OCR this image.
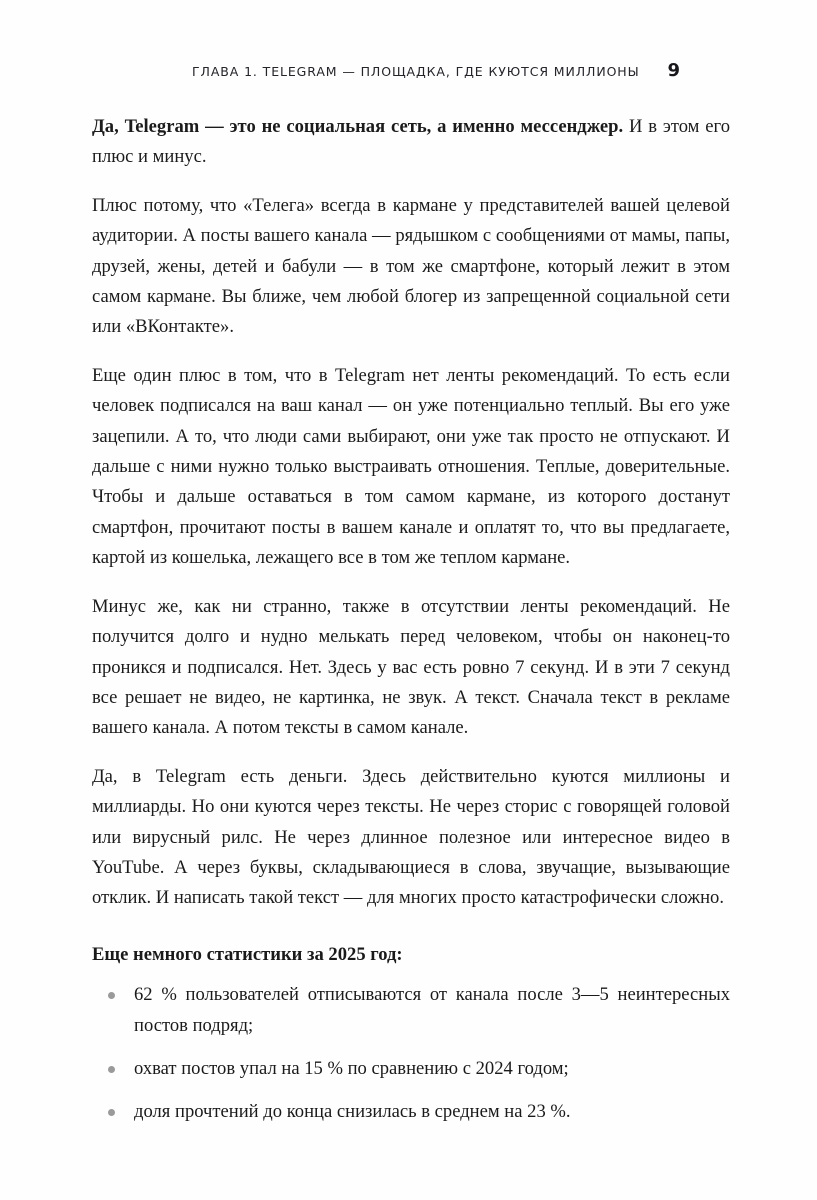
ГЛАВА 1. TELEGRAM — ПЛОЩАДКА, ГДЕ КУЮТСЯ МИЛЛИОНЫ 9

Да, Telegram — это не социальная сеть, а именно мессенджер. И в этом его плюс и минус.

Плюс потому, что «Телега» всегда в кармане у представителей вашей целевой аудитории. А посты вашего канала — рядышком с сообщениями от мамы, папы, друзей, жены, детей и бабули — в том же смартфоне, который лежит в этом самом кармане. Вы ближе, чем любой блогер из запрещенной социальной сети или «ВКонтакте».

Еще один плюс в том, что в Telegram нет ленты рекомендаций. То есть если человек подписался на ваш канал — он уже потенциально теплый. Вы его уже зацепили. А то, что люди сами выбирают, они уже так просто не отпускают. И дальше с ними нужно только выстраивать отношения. Теплые, доверительные. Чтобы и дальше оставаться в том самом кармане, из которого достанут смартфон, прочитают посты в вашем канале и оплатят то, что вы предлагаете, картой из кошелька, лежащего все в том же теплом кармане.

Минус же, как ни странно, также в отсутствии ленты рекомендаций. Не получится долго и нудно мелькать перед человеком, чтобы он наконец-то проникся и подписался. Нет. Здесь у вас есть ровно 7 секунд. И в эти 7 секунд все решает не видео, не картинка, не звук. А текст. Сначала текст в рекламе вашего канала. А потом тексты в самом канале.

Да, в Telegram есть деньги. Здесь действительно куются миллионы и миллиарды. Но они куются через тексты. Не через сторис с говорящей головой или вирусный рилс. Не через длинное полезное или интересное видео в YouTube. А через буквы, складывающиеся в слова, звучащие, вызывающие отклик. И написать такой текст — для многих просто катастрофически сложно.

Еще немного статистики за 2025 год:
62 % пользователей отписываются от канала после 3—5 неинтересных постов подряд;
охват постов упал на 15 % по сравнению с 2024 годом;
доля прочтений до конца снизилась в среднем на 23 %.
